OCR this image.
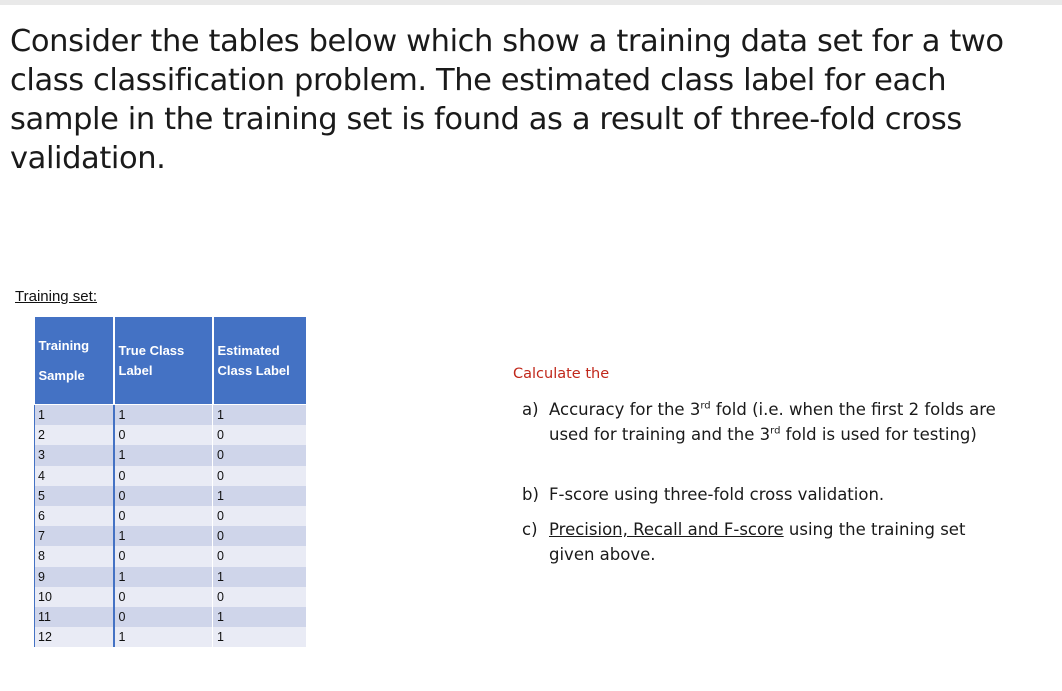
Consider the tables below which show a training data set for a two class classification problem. The estimated class label for each sample in the training set is found as a result of three-fold cross validation.
Training set:
Training Sample	True Class Label	Estimated Class Label

1	1	1
2	0	0
3	1	0
4	0	0
5	0	1
6	0	0
7	1	0
8	0	0
9	1	1
10	0	0
11	0	1
12	1	1
Calculate the
a) Accuracy for the 3rd fold (i.e. when the first 2 folds are used for training and the 3rd fold is used for testing)
b) F-score using three-fold cross validation.
c) Precision, Recall and F-score using the training set given above.
